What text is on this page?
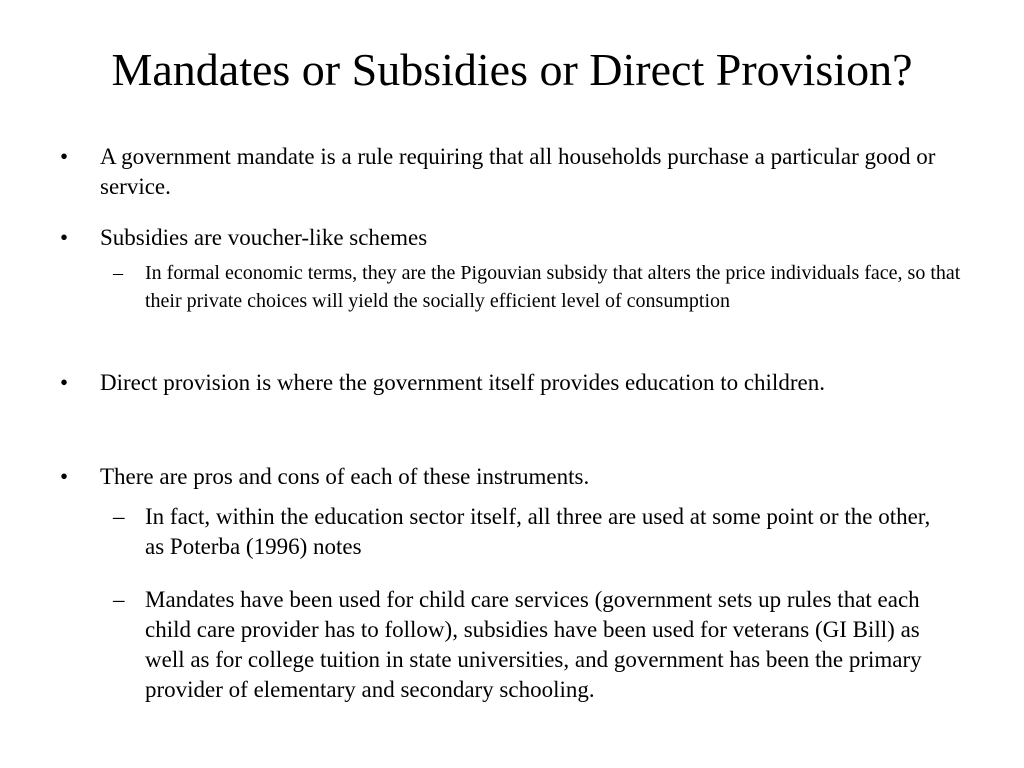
Mandates or Subsidies or Direct Provision?
•	A government mandate is a rule requiring that all households purchase a particular good or service.
•	Subsidies are voucher-like schemes
–	In formal economic terms, they are the Pigouvian subsidy that alters the price individuals face, so that their private choices will yield the socially efficient level of consumption
•	Direct provision is where the government itself provides education to children.
•	There are pros and cons of each of these instruments.
– In fact, within the education sector itself, all three are used at some point or the other, as Poterba (1996) notes
– Mandates have been used for child care services (government sets up rules that each child care provider has to follow), subsidies have been used for veterans (GI Bill) as well as for college tuition in state universities, and government has been the primary provider of elementary and secondary schooling.
